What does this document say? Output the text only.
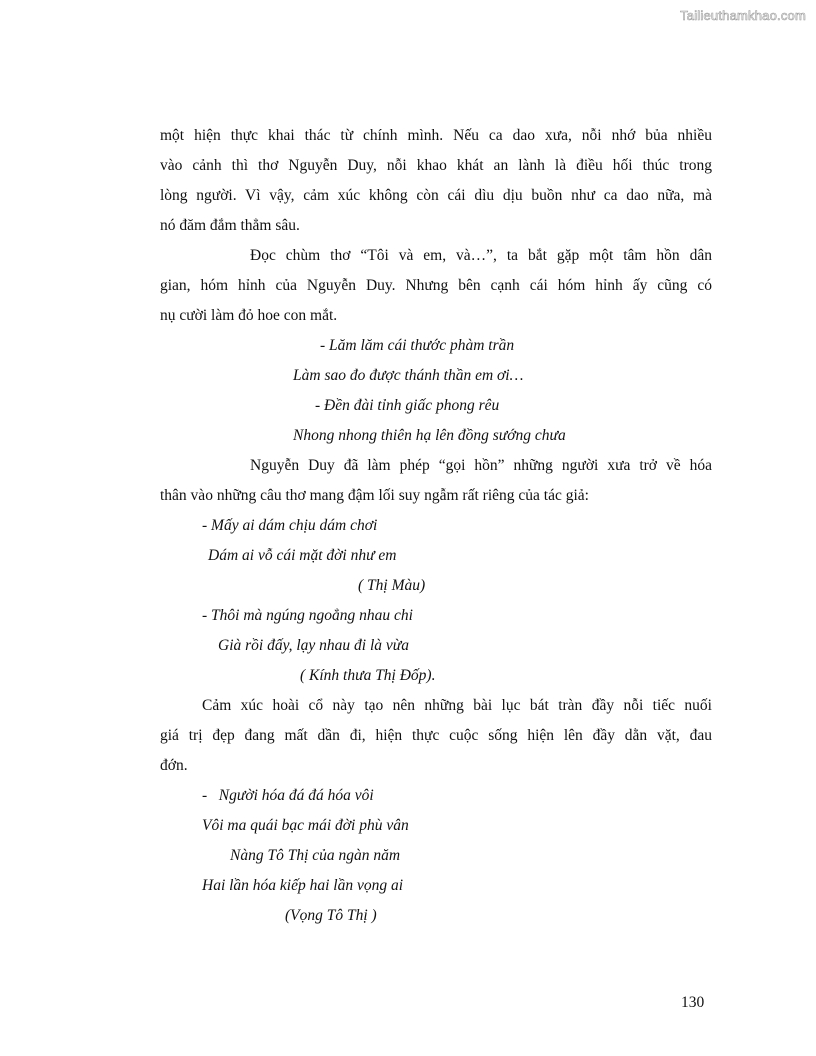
Tailieuthamkhao.com
một hiện thực khai thác từ chính mình. Nếu ca dao xưa, nỗi nhớ bủa nhiều
vào cảnh thì thơ Nguyễn Duy, nỗi khao khát an lành là điều hối thúc trong
lòng người. Vì vậy, cảm xúc không còn cái dìu dịu buồn như ca dao nữa, mà
nó đăm đắm thẳm sâu.
Đọc chùm thơ “Tôi và em, và…”, ta bắt gặp một tâm hồn dân
gian, hóm hỉnh của Nguyễn Duy. Nhưng bên cạnh cái hóm hỉnh ấy cũng có
nụ cười làm đỏ hoe con mắt.
- Lăm lăm cái thước phàm trần
Làm sao đo được thánh thần em ơi…
- Đền đài tỉnh giấc phong rêu
Nhong nhong thiên hạ lên đồng sướng chưa
Nguyễn Duy đã làm phép “gọi hồn” những người xưa trở về hóa
thân vào những câu thơ mang đậm lối suy ngẫm rất riêng của tác giả:
- Mấy ai dám chịu dám chơi
Dám ai vỗ cái mặt đời như em
( Thị Màu)
- Thôi mà ngúng ngoẳng nhau chi
Già rồi đấy, lạy nhau đi là vừa
( Kính thưa Thị Đốp).
Cảm xúc hoài cổ này tạo nên những bài lục bát tràn đầy nỗi tiếc nuối
giá trị đẹp đang mất dần đi, hiện thực cuộc sống hiện lên đầy dằn vặt, đau
đớn.
-   Người hóa đá đá hóa vôi
Vôi ma quái bạc mái đời phù vân
Nàng Tô Thị của ngàn năm
Hai lần hóa kiếp hai lần vọng ai
(Vọng Tô Thị )
130
